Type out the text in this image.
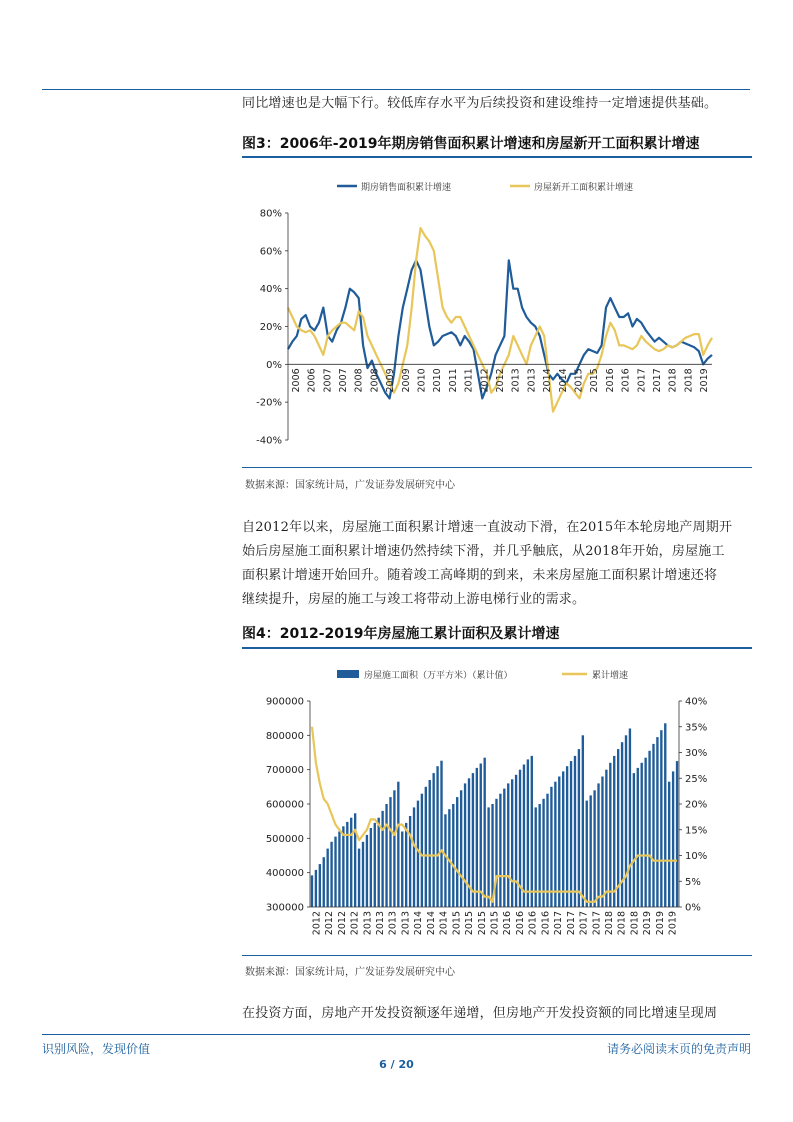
同比增速也是大幅下行。较低库存水平为后续投资和建设维持一定增速提供基础。
图3：2006年-2019年期房销售面积累计增速和房屋新开工面积累计增速
期房销售面积累计增速	房屋新开工面积累计增速
-40%
-20%
0%
20%
40%
60%
80%
2006 2006 2007 2007 2008 2008 2009 2009 2010 2010 2011 2011 2012 2012 2013 2013 2014 2014 2015 2015 2016 2016 2017 2017 2018 2018 2019
数据来源：国家统计局，广发证券发展研究中心
自2012年以来，房屋施工面积累计增速一直波动下滑，在2015年本轮房地产周期开
始后房屋施工面积累计增速仍然持续下滑，并几乎触底，从2018年开始，房屋施工
面积累计增速开始回升。随着竣工高峰期的到来，未来房屋施工面积累计增速还将
继续提升，房屋的施工与竣工将带动上游电梯行业的需求。
图4：2012-2019年房屋施工累计面积及累计增速
房屋施工面积（万平方米）（累计值）	累计增速
300000
400000
500000
600000
700000
800000
900000
0%
5%
10%
15%
20%
25%
30%
35%
40%
2012 2012 2012 2012 2013 2013 2013 2013 2014 2014 2014 2015 2015 2015 2015 2016 2016 2016 2016 2017 2017 2017 2017 2018 2018 2018 2019 2019 2019
数据来源：国家统计局，广发证券发展研究中心
在投资方面，房地产开发投资额逐年递增，但房地产开发投资额的同比增速呈现周
识别风险，发现价值	请务必阅读末页的免责声明
6 / 20
